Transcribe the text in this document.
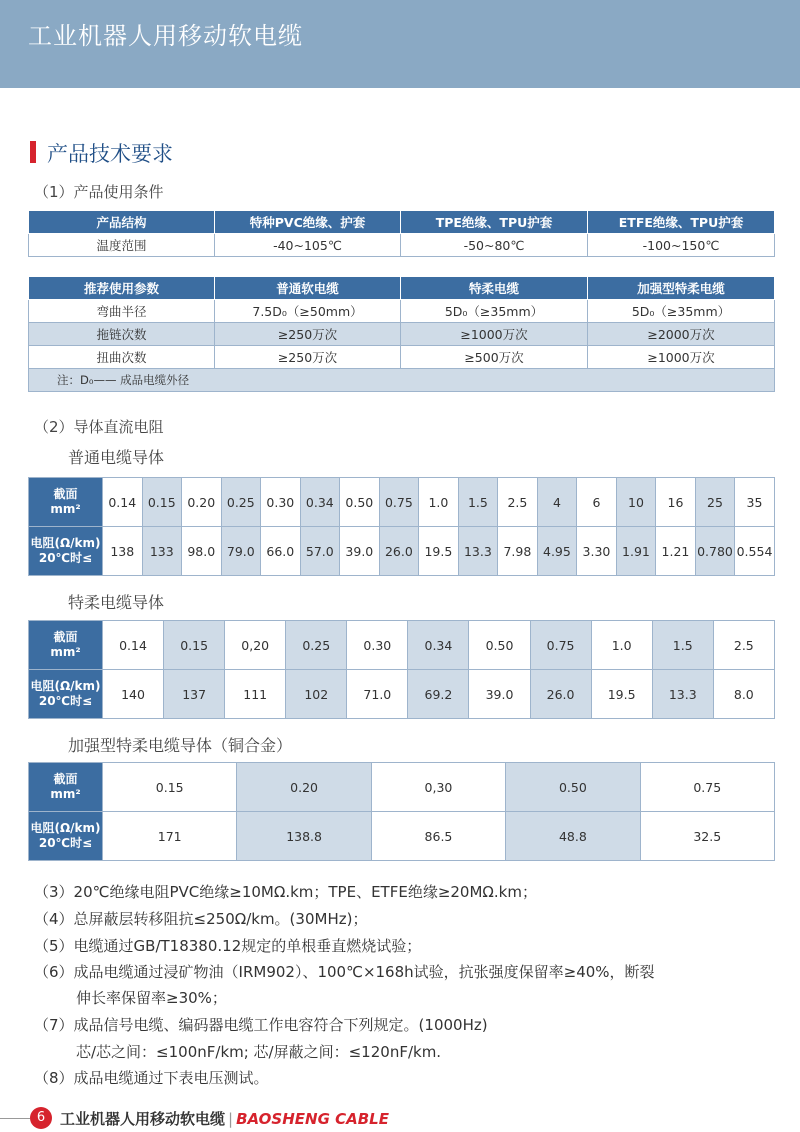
工业机器人用移动软电缆
产品技术要求
（1）产品使用条件
产品结构	特种PVC绝缘、护套	TPE绝缘、TPU护套	ETFE绝缘、TPU护套
温度范围	-40~105℃	-50~80℃	-100~150℃
推荐使用参数	普通软电缆	特柔电缆	加强型特柔电缆
弯曲半径	7.5D₀（≥50mm）	5D₀（≥35mm）	5D₀（≥35mm）
拖链次数	≥250万次	≥1000万次	≥2000万次
扭曲次数	≥250万次	≥500万次	≥1000万次
注：D₀—— 成品电缆外径			
（2）导体直流电阻
普通电缆导体
截面
mm²	0.14	0.15	0.20	0.25	0.30	0.34	0.50	0.75	1.0	1.5	2.5	4	6	10	16	25	35

电阻(Ω/km)
20℃时≤	138	133	98.0	79.0	66.0	57.0	39.0	26.0	19.5	13.3	7.98	4.95	3.30	1.91	1.21	0.780	0.554
特柔电缆导体
截面
mm²	0.14	0.15	0,20	0.25	0.30	0.34	0.50	0.75	1.0	1.5	2.5

电阻(Ω/km)
20℃时≤	140	137	111	102	71.0	69.2	39.0	26.0	19.5	13.3	8.0
加强型特柔电缆导体（铜合金）
截面
mm²	0.15	0.20	0,30	0.50	0.75

电阻(Ω/km)
20℃时≤	171	138.8	86.5	48.8	32.5
（3）20℃绝缘电阻PVC绝缘≥10MΩ.km；TPE、ETFE绝缘≥20MΩ.km；
（4）总屏蔽层转移阻抗≤250Ω/km。(30MHz)；
（5）电缆通过GB/T18380.12规定的单根垂直燃烧试验；
（6）成品电缆通过浸矿物油（IRM902）、100℃×168h试验，抗张强度保留率≥40%，断裂
伸长率保留率≥30%；
（7）成品信号电缆、编码器电缆工作电容符合下列规定。(1000Hz)
芯/芯之间：≤100nF/km; 芯/屏蔽之间：≤120nF/km.
（8）成品电缆通过下表电压测试。
6 工业机器人用移动软电缆 | BAOSHENG CABLE
